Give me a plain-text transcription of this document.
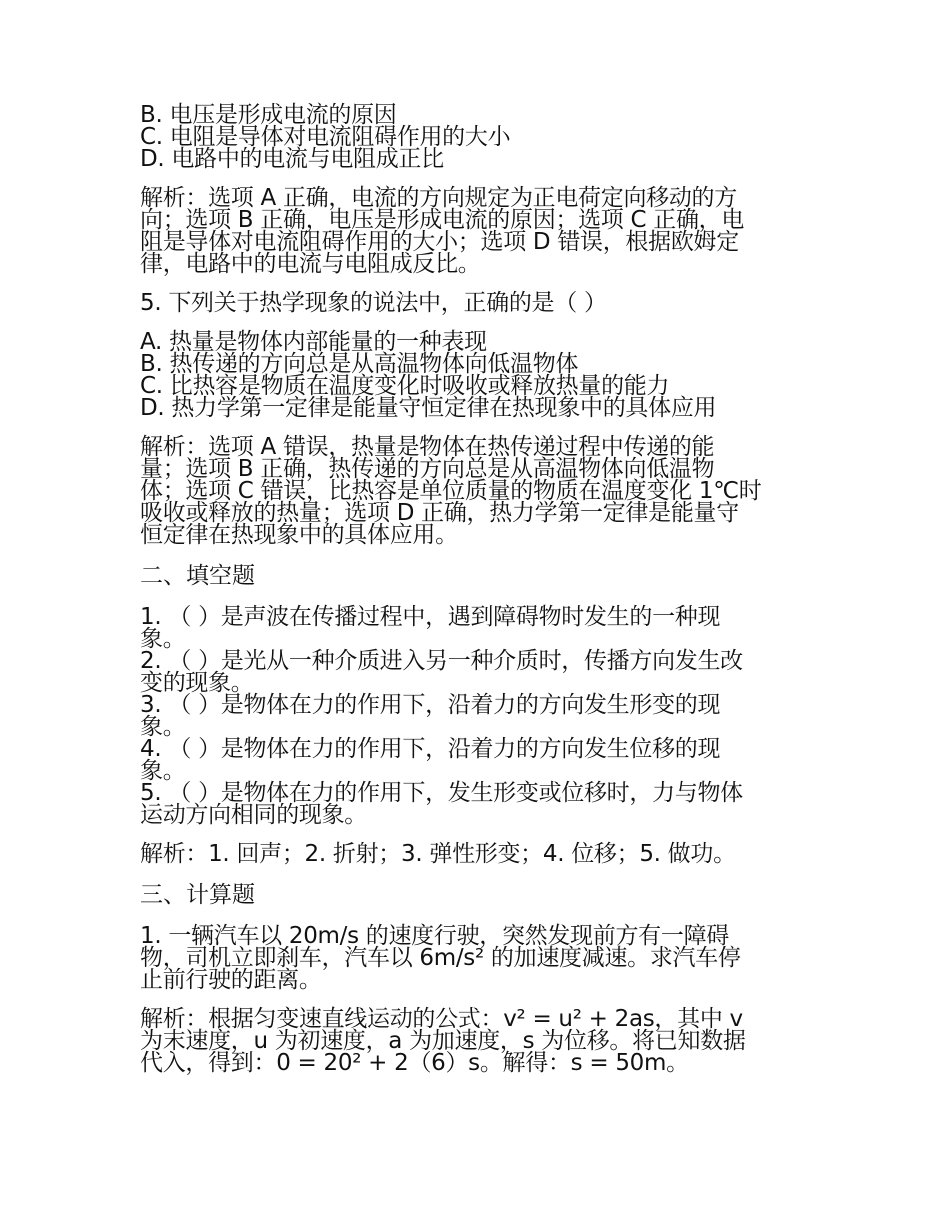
B. 电压是形成电流的原因
C. 电阻是导体对电流阻碍作用的大小
D. 电路中的电流与电阻成正比
解析：选项 A 正确，电流的方向规定为正电荷定向移动的方
向；选项 B 正确，电压是形成电流的原因；选项 C 正确，电
阻是导体对电流阻碍作用的大小；选项 D 错误，根据欧姆定
律，电路中的电流与电阻成反比。
5. 下列关于热学现象的说法中，正确的是（ ）
A. 热量是物体内部能量的一种表现
B. 热传递的方向总是从高温物体向低温物体
C. 比热容是物质在温度变化时吸收或释放热量的能力
D. 热力学第一定律是能量守恒定律在热现象中的具体应用
解析：选项 A 错误，热量是物体在热传递过程中传递的能
量；选项 B 正确，热传递的方向总是从高温物体向低温物
体；选项 C 错误，比热容是单位质量的物质在温度变化 1℃时
吸收或释放的热量；选项 D 正确，热力学第一定律是能量守
恒定律在热现象中的具体应用。
二、填空题
1. （ ）是声波在传播过程中，遇到障碍物时发生的一种现
象。
2. （ ）是光从一种介质进入另一种介质时，传播方向发生改
变的现象。
3. （ ）是物体在力的作用下，沿着力的方向发生形变的现
象。
4. （ ）是物体在力的作用下，沿着力的方向发生位移的现
象。
5. （ ）是物体在力的作用下，发生形变或位移时，力与物体
运动方向相同的现象。
解析：1. 回声；2. 折射；3. 弹性形变；4. 位移；5. 做功。
三、计算题
1. 一辆汽车以 20m/s 的速度行驶，突然发现前方有一障碍
物，司机立即刹车，汽车以 6m/s² 的加速度减速。求汽车停
止前行驶的距离。
解析：根据匀变速直线运动的公式：v² = u² + 2as，其中 v
为末速度，u 为初速度，a 为加速度，s 为位移。将已知数据
代入，得到：0 = 20² + 2（6）s。解得：s = 50m。
